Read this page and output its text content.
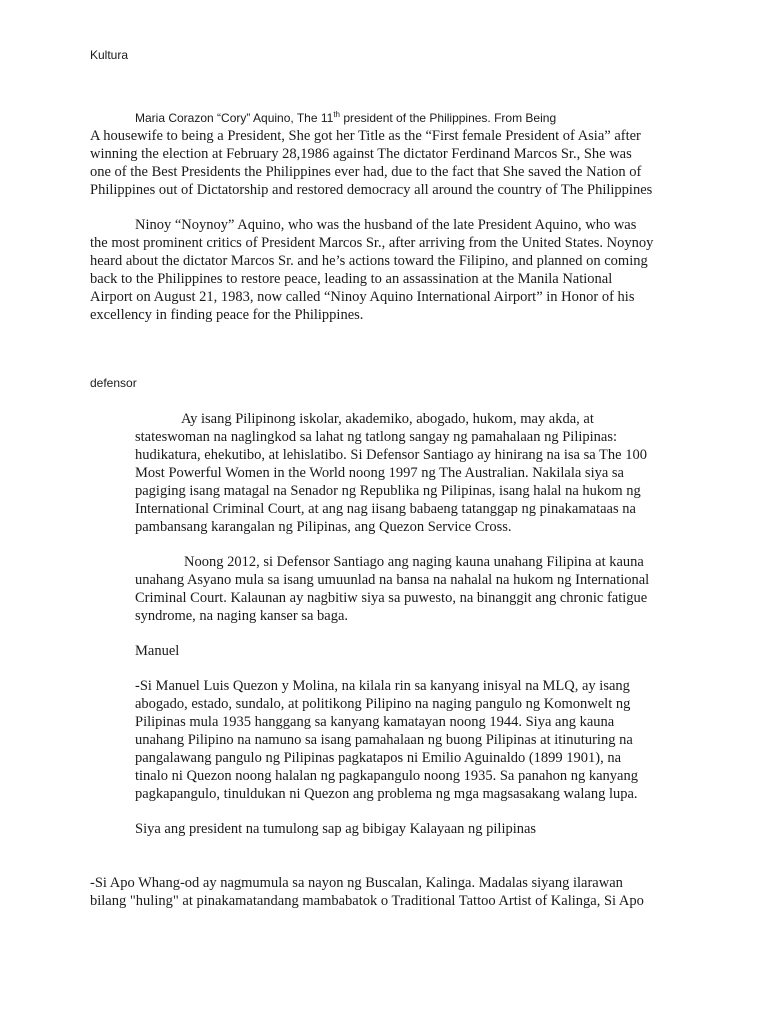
Kultura
Maria Corazon “Cory” Aquino, The 11th president of the Philippines. From Being
A housewife to being a President, She got her Title as the “First female President of Asia” after
winning the election at February 28,1986 against The dictator Ferdinand Marcos Sr., She was
one of the Best Presidents the Philippines ever had, due to the fact that She saved the Nation of
Philippines out of Dictatorship and restored democracy all around the country of The Philippines
Ninoy “Noynoy” Aquino, who was the husband of the late President Aquino, who was
the most prominent critics of President Marcos Sr., after arriving from the United States. Noynoy
heard about the dictator Marcos Sr. and he’s actions toward the Filipino, and planned on coming
back to the Philippines to restore peace, leading to an assassination at the Manila National
Airport on August 21, 1983, now called “Ninoy Aquino International Airport” in Honor of his
excellency in finding peace for the Philippines.
defensor
Ay isang Pilipinong iskolar, akademiko, abogado, hukom, may akda, at
stateswoman na naglingkod sa lahat ng tatlong sangay ng pamahalaan ng Pilipinas:
hudikatura, ehekutibo, at lehislatibo. Si Defensor Santiago ay hinirang na isa sa The 100
Most Powerful Women in the World noong 1997 ng The Australian. Nakilala siya sa
pagiging isang matagal na Senador ng Republika ng Pilipinas, isang halal na hukom ng
International Criminal Court, at ang nag iisang babaeng tatanggap ng pinakamataas na
pambansang karangalan ng Pilipinas, ang Quezon Service Cross.
Noong 2012, si Defensor Santiago ang naging kauna unahang Filipina at kauna
unahang Asyano mula sa isang umuunlad na bansa na nahalal na hukom ng International
Criminal Court. Kalaunan ay nagbitiw siya sa puwesto, na binanggit ang chronic fatigue
syndrome, na naging kanser sa baga.
Manuel
-Si Manuel Luis Quezon y Molina, na kilala rin sa kanyang inisyal na MLQ, ay isang
abogado, estado, sundalo, at politikong Pilipino na naging pangulo ng Komonwelt ng
Pilipinas mula 1935 hanggang sa kanyang kamatayan noong 1944. Siya ang kauna
unahang Pilipino na namuno sa isang pamahalaan ng buong Pilipinas at itinuturing na
pangalawang pangulo ng Pilipinas pagkatapos ni Emilio Aguinaldo (1899 1901), na
tinalo ni Quezon noong halalan ng pagkapangulo noong 1935. Sa panahon ng kanyang
pagkapangulo, tinuldukan ni Quezon ang problema ng mga magsasakang walang lupa.
Siya ang president na tumulong sap ag bibigay Kalayaan ng pilipinas
-Si Apo Whang-od ay nagmumula sa nayon ng Buscalan, Kalinga. Madalas siyang ilarawan
bilang "huling" at pinakamatandang mambabatok o Traditional Tattoo Artist of Kalinga, Si Apo
